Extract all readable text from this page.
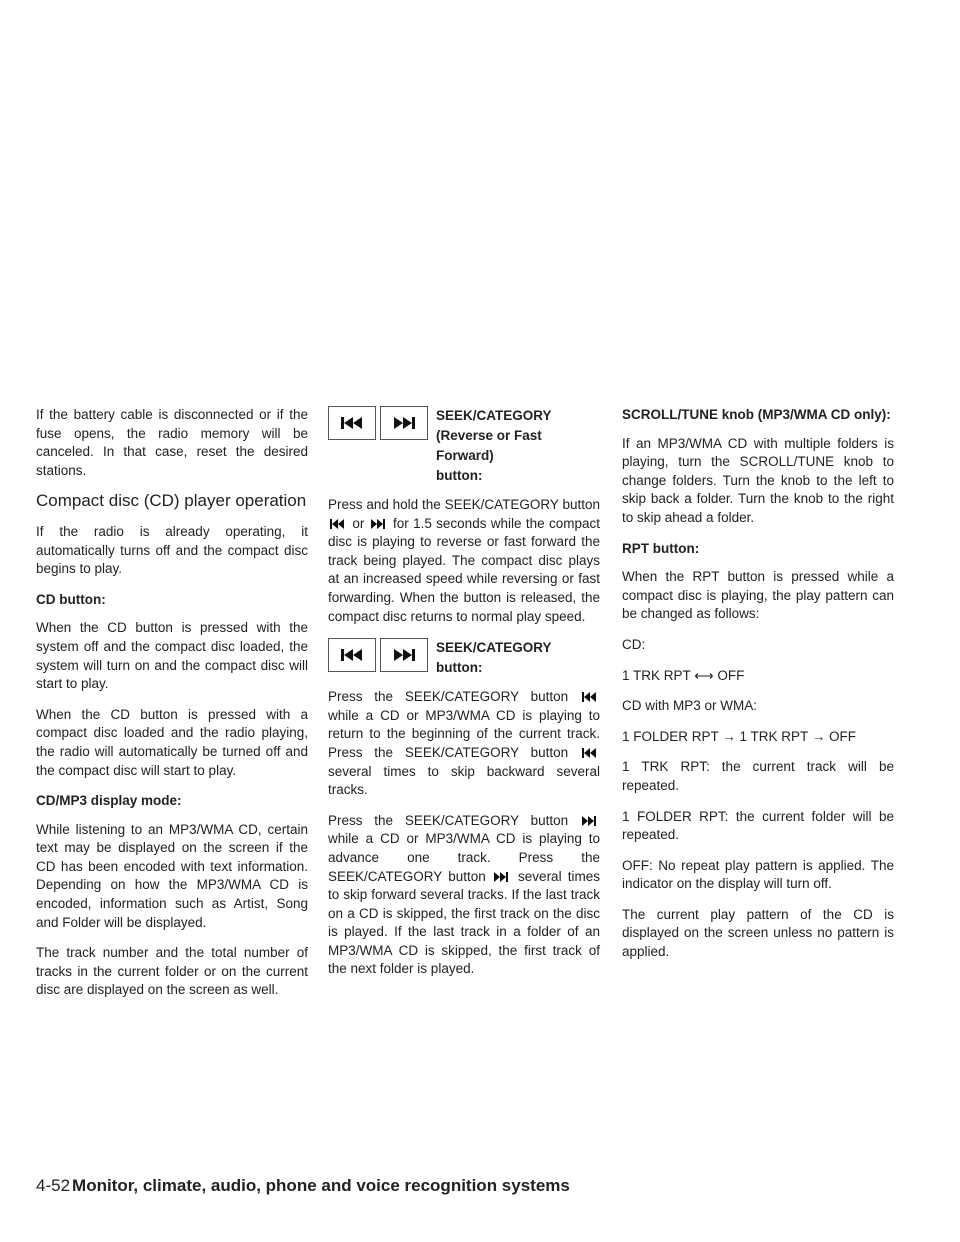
If the battery cable is disconnected or if the fuse opens, the radio memory will be canceled. In that case, reset the desired stations.

Compact disc (CD) player operation

If the radio is already operating, it automatically turns off and the compact disc begins to play.

CD button:

When the CD button is pressed with the system off and the compact disc loaded, the system will turn on and the compact disc will start to play.

When the CD button is pressed with a compact disc loaded and the radio playing, the radio will automatically be turned off and the compact disc will start to play.

CD/MP3 display mode:

While listening to an MP3/WMA CD, certain text may be displayed on the screen if the CD has been encoded with text information. Depending on how the MP3/WMA CD is encoded, information such as Artist, Song and Folder will be displayed.

The track number and the total number of tracks in the current folder or on the current disc are displayed on the screen as well.

SEEK/CATEGORY
(Reverse or Fast Forward)
button:

Press and hold the SEEK/CATEGORY button  or for 1.5 seconds while the compact disc is playing to reverse or fast forward the track being played. The compact disc plays at an increased speed while reversing or fast forwarding. When the button is released, the compact disc returns to normal play speed.

SEEK/CATEGORY button:

Press the SEEK/CATEGORY button  while a CD or MP3/WMA CD is playing to return to the beginning of the current track. Press the SEEK/CATEGORY button  several times to skip backward several tracks.

Press the SEEK/CATEGORY button  while a CD or MP3/WMA CD is playing to advance one track. Press the SEEK/CATEGORY button several times to skip forward several tracks. If the last track on a CD is skipped, the first track on the disc is played. If the last track in a folder of an MP3/WMA CD is skipped, the first track of the next folder is played.

SCROLL/TUNE knob (MP3/WMA CD only):

If an MP3/WMA CD with multiple folders is playing, turn the SCROLL/TUNE knob to change folders. Turn the knob to the left to skip back a folder. Turn the knob to the right to skip ahead a folder.

RPT button:

When the RPT button is pressed while a compact disc is playing, the play pattern can be changed as follows:

CD:

1 TRK RPT ⟷ OFF

CD with MP3 or WMA:

1 FOLDER RPT → 1 TRK RPT → OFF

1 TRK RPT: the current track will be repeated.

1 FOLDER RPT: the current folder will be repeated.

OFF: No repeat play pattern is applied. The indicator on the display will turn off.

The current play pattern of the CD is displayed on the screen unless no pattern is applied.

4-52 Monitor, climate, audio, phone and voice recognition systems
